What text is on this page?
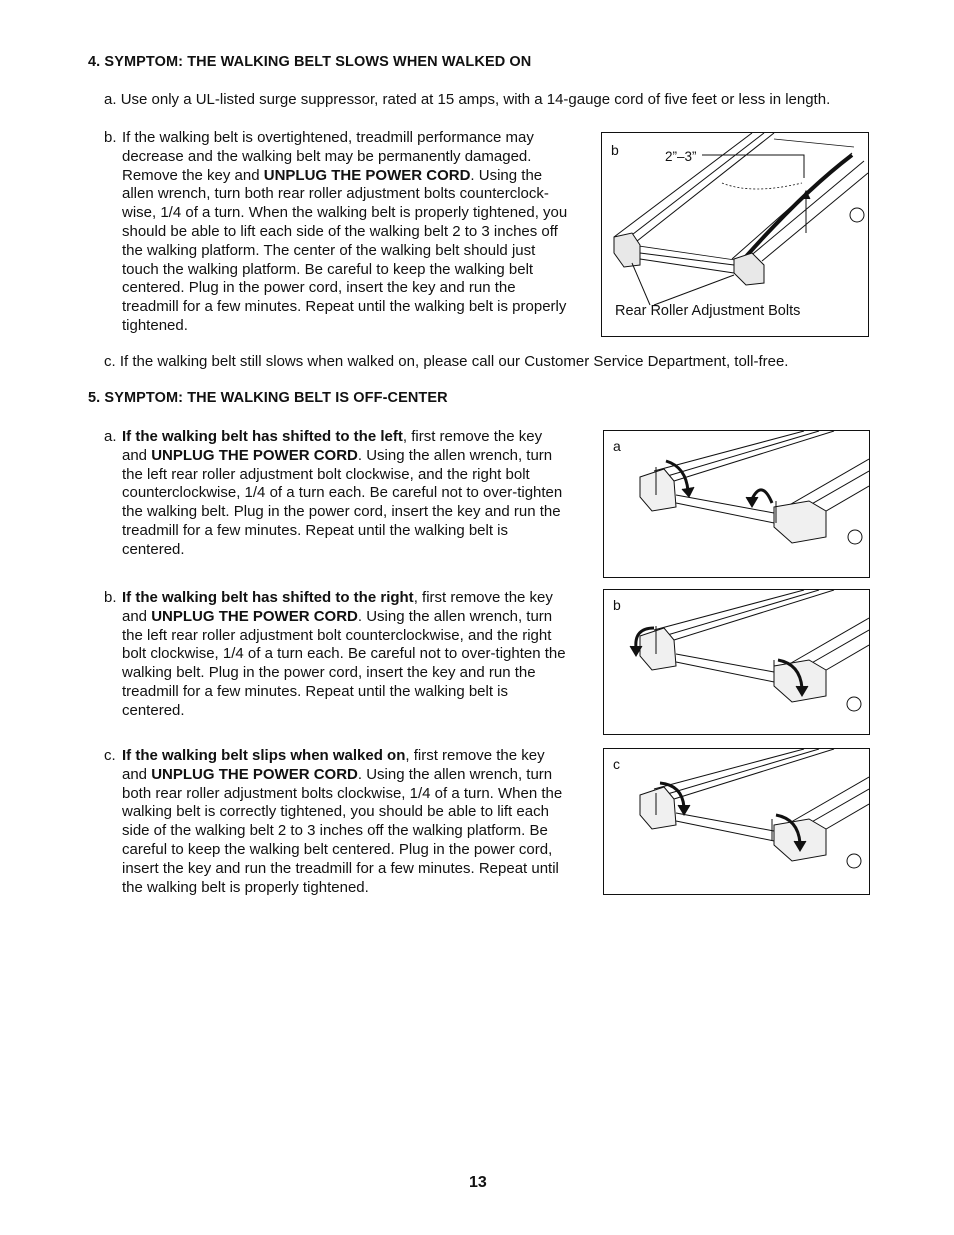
4. SYMPTOM: THE WALKING BELT SLOWS WHEN WALKED ON
a. Use only a UL-listed surge suppressor, rated at 15 amps, with a 14-gauge cord of five feet or less in length.
b. If the walking belt is overtightened, treadmill performance may decrease and the walking belt may be permanently damaged. Remove the key and UNPLUG THE POWER CORD. Using the allen wrench, turn both rear roller adjustment bolts counterclock-wise, 1/4 of a turn. When the walking belt is properly tightened, you should be able to lift each side of the walking belt 2 to 3 inches off the walking platform. The center of the walking belt should just touch the walking platform. Be careful to keep the walking belt centered. Plug in the power cord, insert the key and run the treadmill for a few minutes. Repeat until the walking belt is properly tightened.
b	2”–3”
Rear Roller Adjustment Bolts
c. If the walking belt still slows when walked on, please call our Customer Service Department, toll-free.
5. SYMPTOM: THE WALKING BELT IS OFF-CENTER
a. If the walking belt has shifted to the left, first remove the key and UNPLUG THE POWER CORD. Using the allen wrench, turn the left rear roller adjustment bolt clockwise, and the right bolt counterclockwise, 1/4 of a turn each. Be careful not to over-tighten the walking belt. Plug in the power cord, insert the key and run the treadmill for a few minutes. Repeat until the walking belt is centered.
b. If the walking belt has shifted to the right, first remove the key and UNPLUG THE POWER CORD. Using the allen wrench, turn the left rear roller adjustment bolt counterclockwise, and the right bolt clockwise, 1/4 of a turn each. Be careful not to over-tighten the walking belt. Plug in the power cord, insert the key and run the treadmill for a few minutes. Repeat until the walking belt is centered.
c. If the walking belt slips when walked on, first remove the key and UNPLUG THE POWER CORD. Using the allen wrench, turn both rear roller adjustment bolts clockwise, 1/4 of a turn. When the walking belt is correctly tightened, you should be able to lift each side of the walking belt 2 to 3 inches off the walking platform. Be careful to keep the walking belt centered. Plug in the power cord, insert the key and run the treadmill for a few minutes. Repeat until the walking belt is properly tightened.
a
b
c
13
